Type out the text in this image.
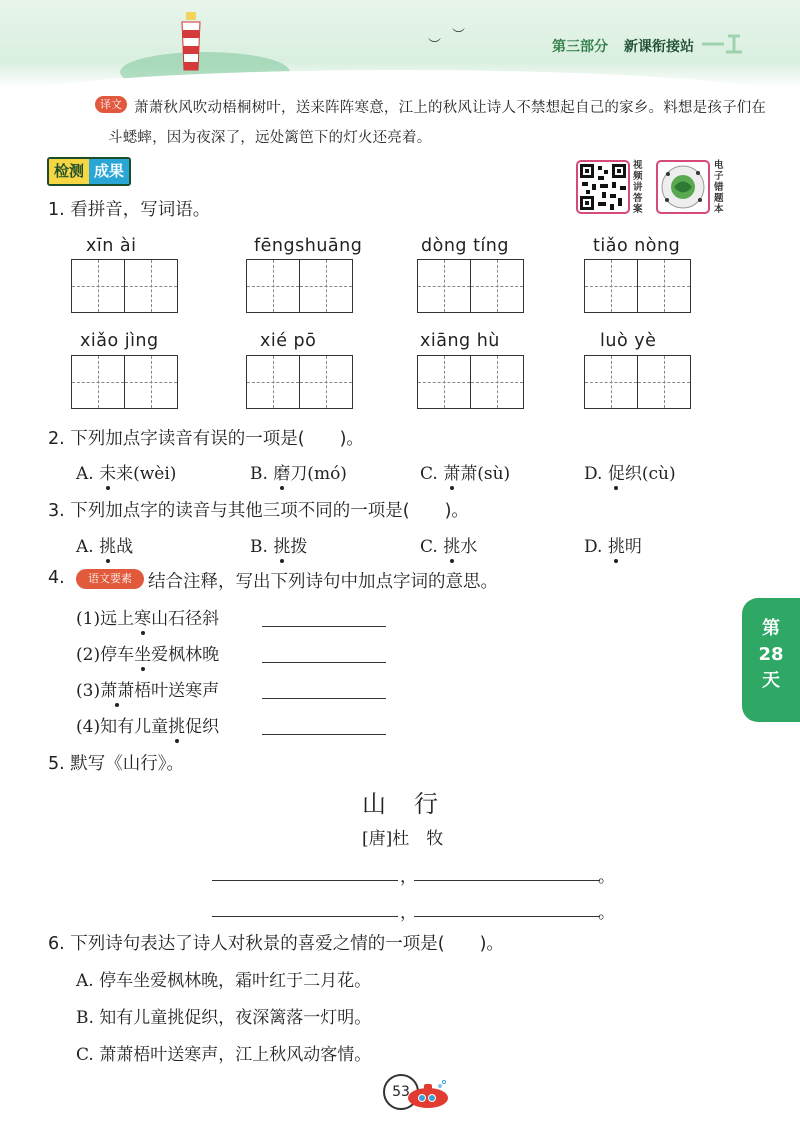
︶
︶
第三部分 新课衔接站
译文 萧萧秋风吹动梧桐树叶，送来阵阵寒意，江上的秋风让诗人不禁想起自己的家乡。料想是孩子们在
斗蟋蟀，因为夜深了，远处篱笆下的灯火还亮着。
检测 成果	视频讲答案
电子错题本
1. 看拼音，写词语。
xīn ài	fēngshuāng	dòng tíng	tiǎo nòng
xiǎo jìng	xié pō	xiāng hù	luò yè
2. 下列加点字读音有误的一项是(　　)。
A. 未来(wèi)	B. 磨刀(mó)	C. 萧萧(sù)	D. 促织(cù)
3. 下列加点字的读音与其他三项不同的一项是(　　)。
A. 挑战	B. 挑拨	C. 挑水	D. 挑明
4.	语文要素 结合注释，写出下列诗句中加点字词的意思。
(1)远上寒山石径斜
(2)停车坐爱枫林晚
(3)萧萧梧叶送寒声
(4)知有儿童挑促织
5. 默写《山行》。
山行
[唐]杜　牧
，	。
，	。
6. 下列诗句表达了诗人对秋景的喜爱之情的一项是(　　)。
A. 停车坐爱枫林晚，霜叶红于二月花。
B. 知有儿童挑促织，夜深篱落一灯明。
C. 萧萧梧叶送寒声，江上秋风动客情。
第
28
天
53
